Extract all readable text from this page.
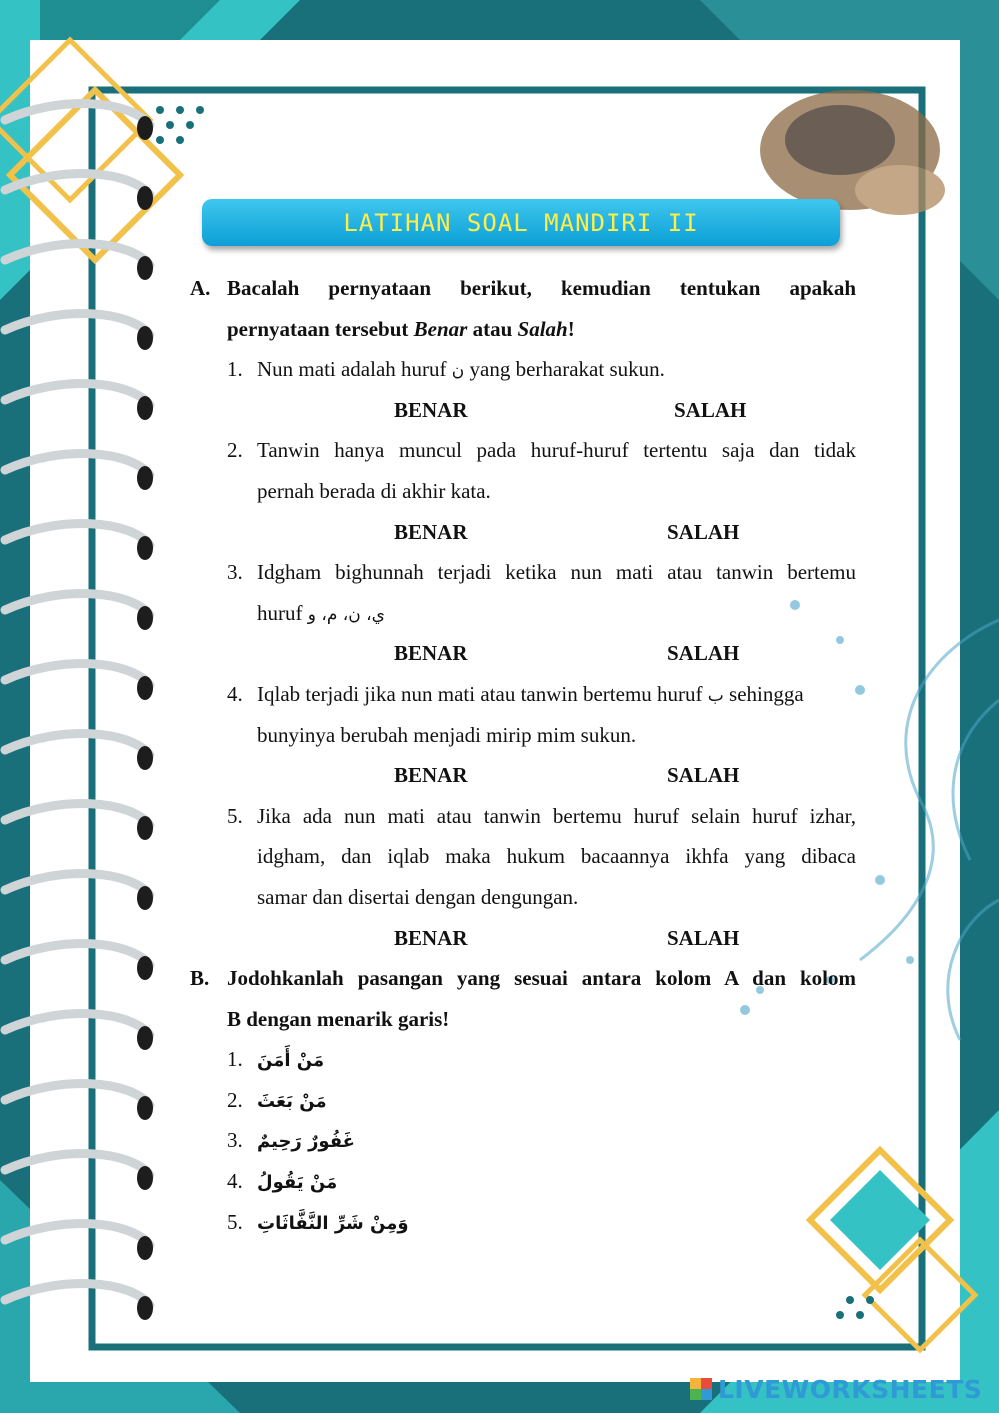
LATIHAN SOAL MANDIRI II
A. Bacalah pernyataan berikut, kemudian tentukan apakah
pernyataan tersebut Benar atau Salah!
1. Nun mati adalah huruf ن yang berharakat sukun.
BENAR	SALAH
2. Tanwin hanya muncul pada huruf-huruf tertentu saja dan tidak
pernah berada di akhir kata.
BENAR	SALAH
3. Idgham bighunnah terjadi ketika nun mati atau tanwin bertemu
huruf ي، ن، م، و
BENAR	SALAH
4. Iqlab terjadi jika nun mati atau tanwin bertemu huruf ب sehingga
bunyinya berubah menjadi mirip mim sukun.
BENAR	SALAH
5. Jika ada nun mati atau tanwin bertemu huruf selain huruf izhar,
idgham, dan iqlab maka hukum bacaannya ikhfa yang dibaca
samar dan disertai dengan dengungan.
BENAR	SALAH
B. Jodohkanlah pasangan yang sesuai antara kolom A dan kolom
B dengan menarik garis!
1. مَنْ أَمَنَ
2. مَنْ بَعَثَ
3. غَفُورٌ رَحِيمٌ
4. مَنْ يَقُولُ
5. وَمِنْ شَرِّ النَّفَّاثَاتِ
LIVEWORKSHEETS
